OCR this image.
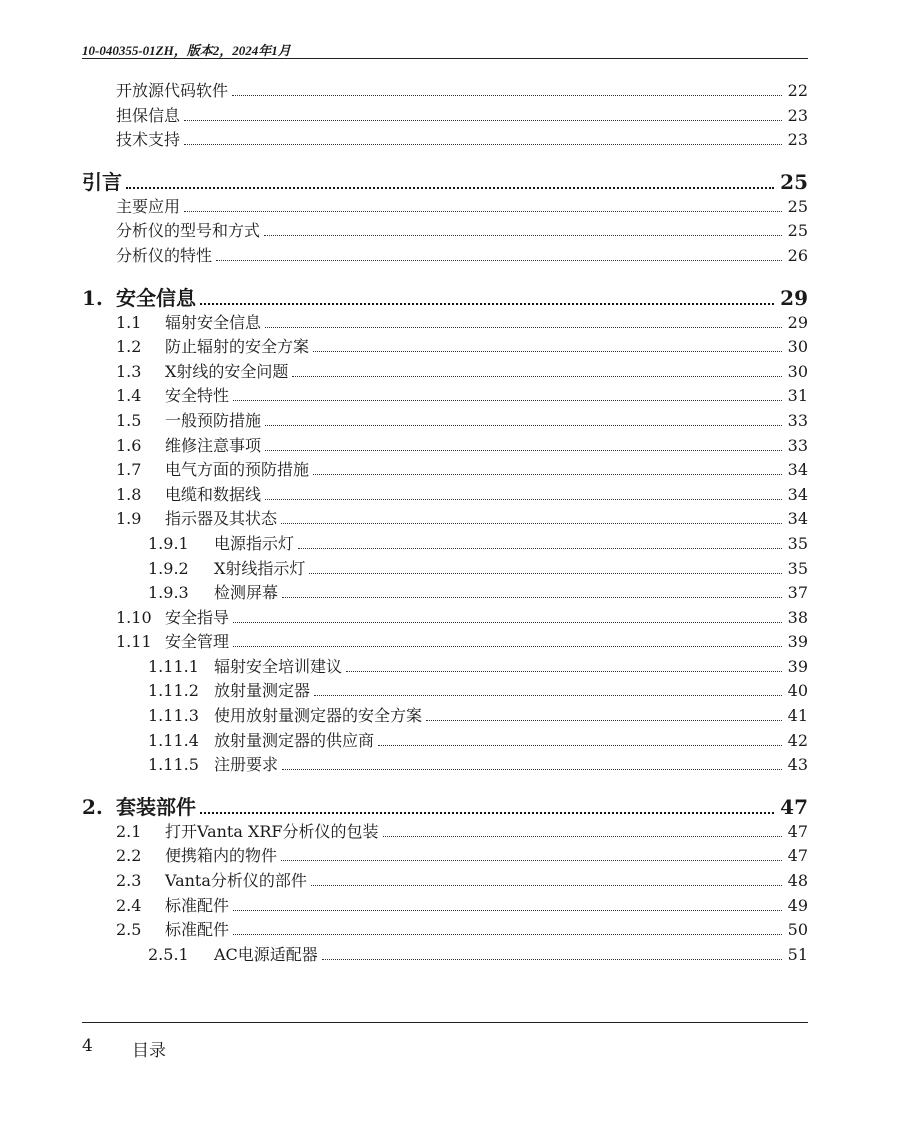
10-040355-01ZH，版本2，2024年1月
开放源代码软件	22
担保信息	23
技术支持	23
引言	25
主要应用	25
分析仪的型号和方式	25
分析仪的特性	26
1. 安全信息	29
1.1	辐射安全信息	29
1.2	防止辐射的安全方案	30
1.3	X射线的安全问题	30
1.4	安全特性	31
1.5	一般预防措施	33
1.6	维修注意事项	33
1.7	电气方面的预防措施	34
1.8	电缆和数据线	34
1.9	指示器及其状态	34
1.9.1	电源指示灯	35
1.9.2	X射线指示灯	35
1.9.3	检测屏幕	37
1.10 安全指导	38
1.11 安全管理	39
1.11.1 辐射安全培训建议	39
1.11.2 放射量测定器	40
1.11.3 使用放射量测定器的安全方案	41
1.11.4 放射量测定器的供应商	42
1.11.5 注册要求	43
2. 套装部件	47
2.1	打开Vanta XRF分析仪的包装	47
2.2	便携箱内的物件	47
2.3	Vanta分析仪的部件	48
2.4	标准配件	49
2.5	标准配件	50
2.5.1	AC电源适配器	51
4	目录
